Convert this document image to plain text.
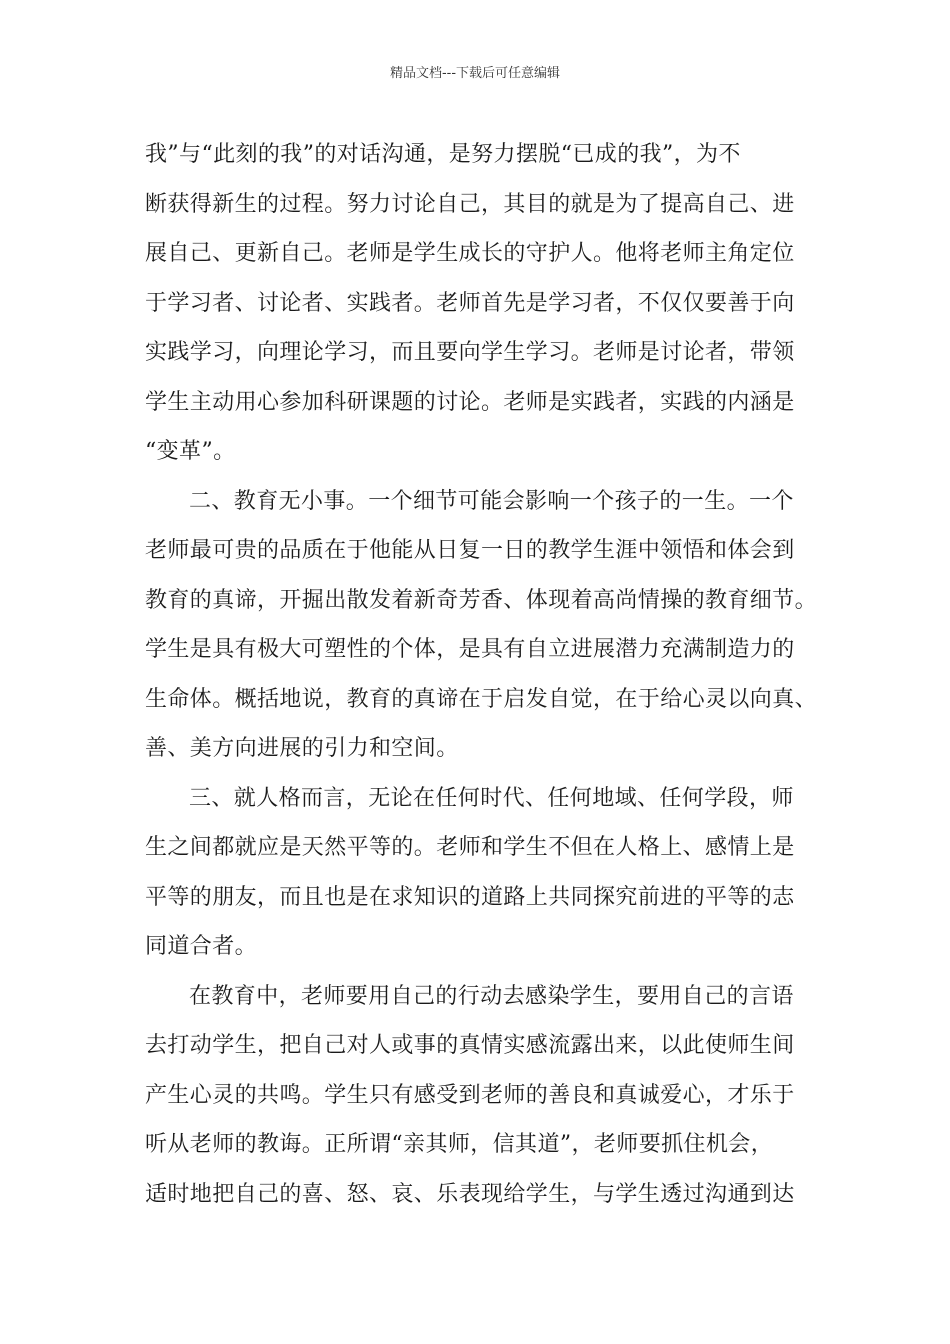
精品文档---下载后可任意编辑
我”与“此刻的我”的对话沟通，是努力摆脱“已成的我”，为不
断获得新生的过程。努力讨论自己，其目的就是为了提高自己、进
展自己、更新自己。老师是学生成长的守护人。他将老师主角定位
于学习者、讨论者、实践者。老师首先是学习者，不仅仅要善于向
实践学习，向理论学习，而且要向学生学习。老师是讨论者，带领
学生主动用心参加科研课题的讨论。老师是实践者，实践的内涵是
“变革”。
二、教育无小事。一个细节可能会影响一个孩子的一生。一个
老师最可贵的品质在于他能从日复一日的教学生涯中领悟和体会到
教育的真谛，开掘出散发着新奇芳香、体现着高尚情操的教育细节。
学生是具有极大可塑性的个体，是具有自立进展潜力充满制造力的
生命体。概括地说，教育的真谛在于启发自觉，在于给心灵以向真、
善、美方向进展的引力和空间。
三、就人格而言，无论在任何时代、任何地域、任何学段，师
生之间都就应是天然平等的。老师和学生不但在人格上、感情上是
平等的朋友，而且也是在求知识的道路上共同探究前进的平等的志
同道合者。
在教育中，老师要用自己的行动去感染学生，要用自己的言语
去打动学生，把自己对人或事的真情实感流露出来，以此使师生间
产生心灵的共鸣。学生只有感受到老师的善良和真诚爱心，才乐于
听从老师的教诲。正所谓“亲其师，信其道”，老师要抓住机会，
适时地把自己的喜、怒、哀、乐表现给学生，与学生透过沟通到达
